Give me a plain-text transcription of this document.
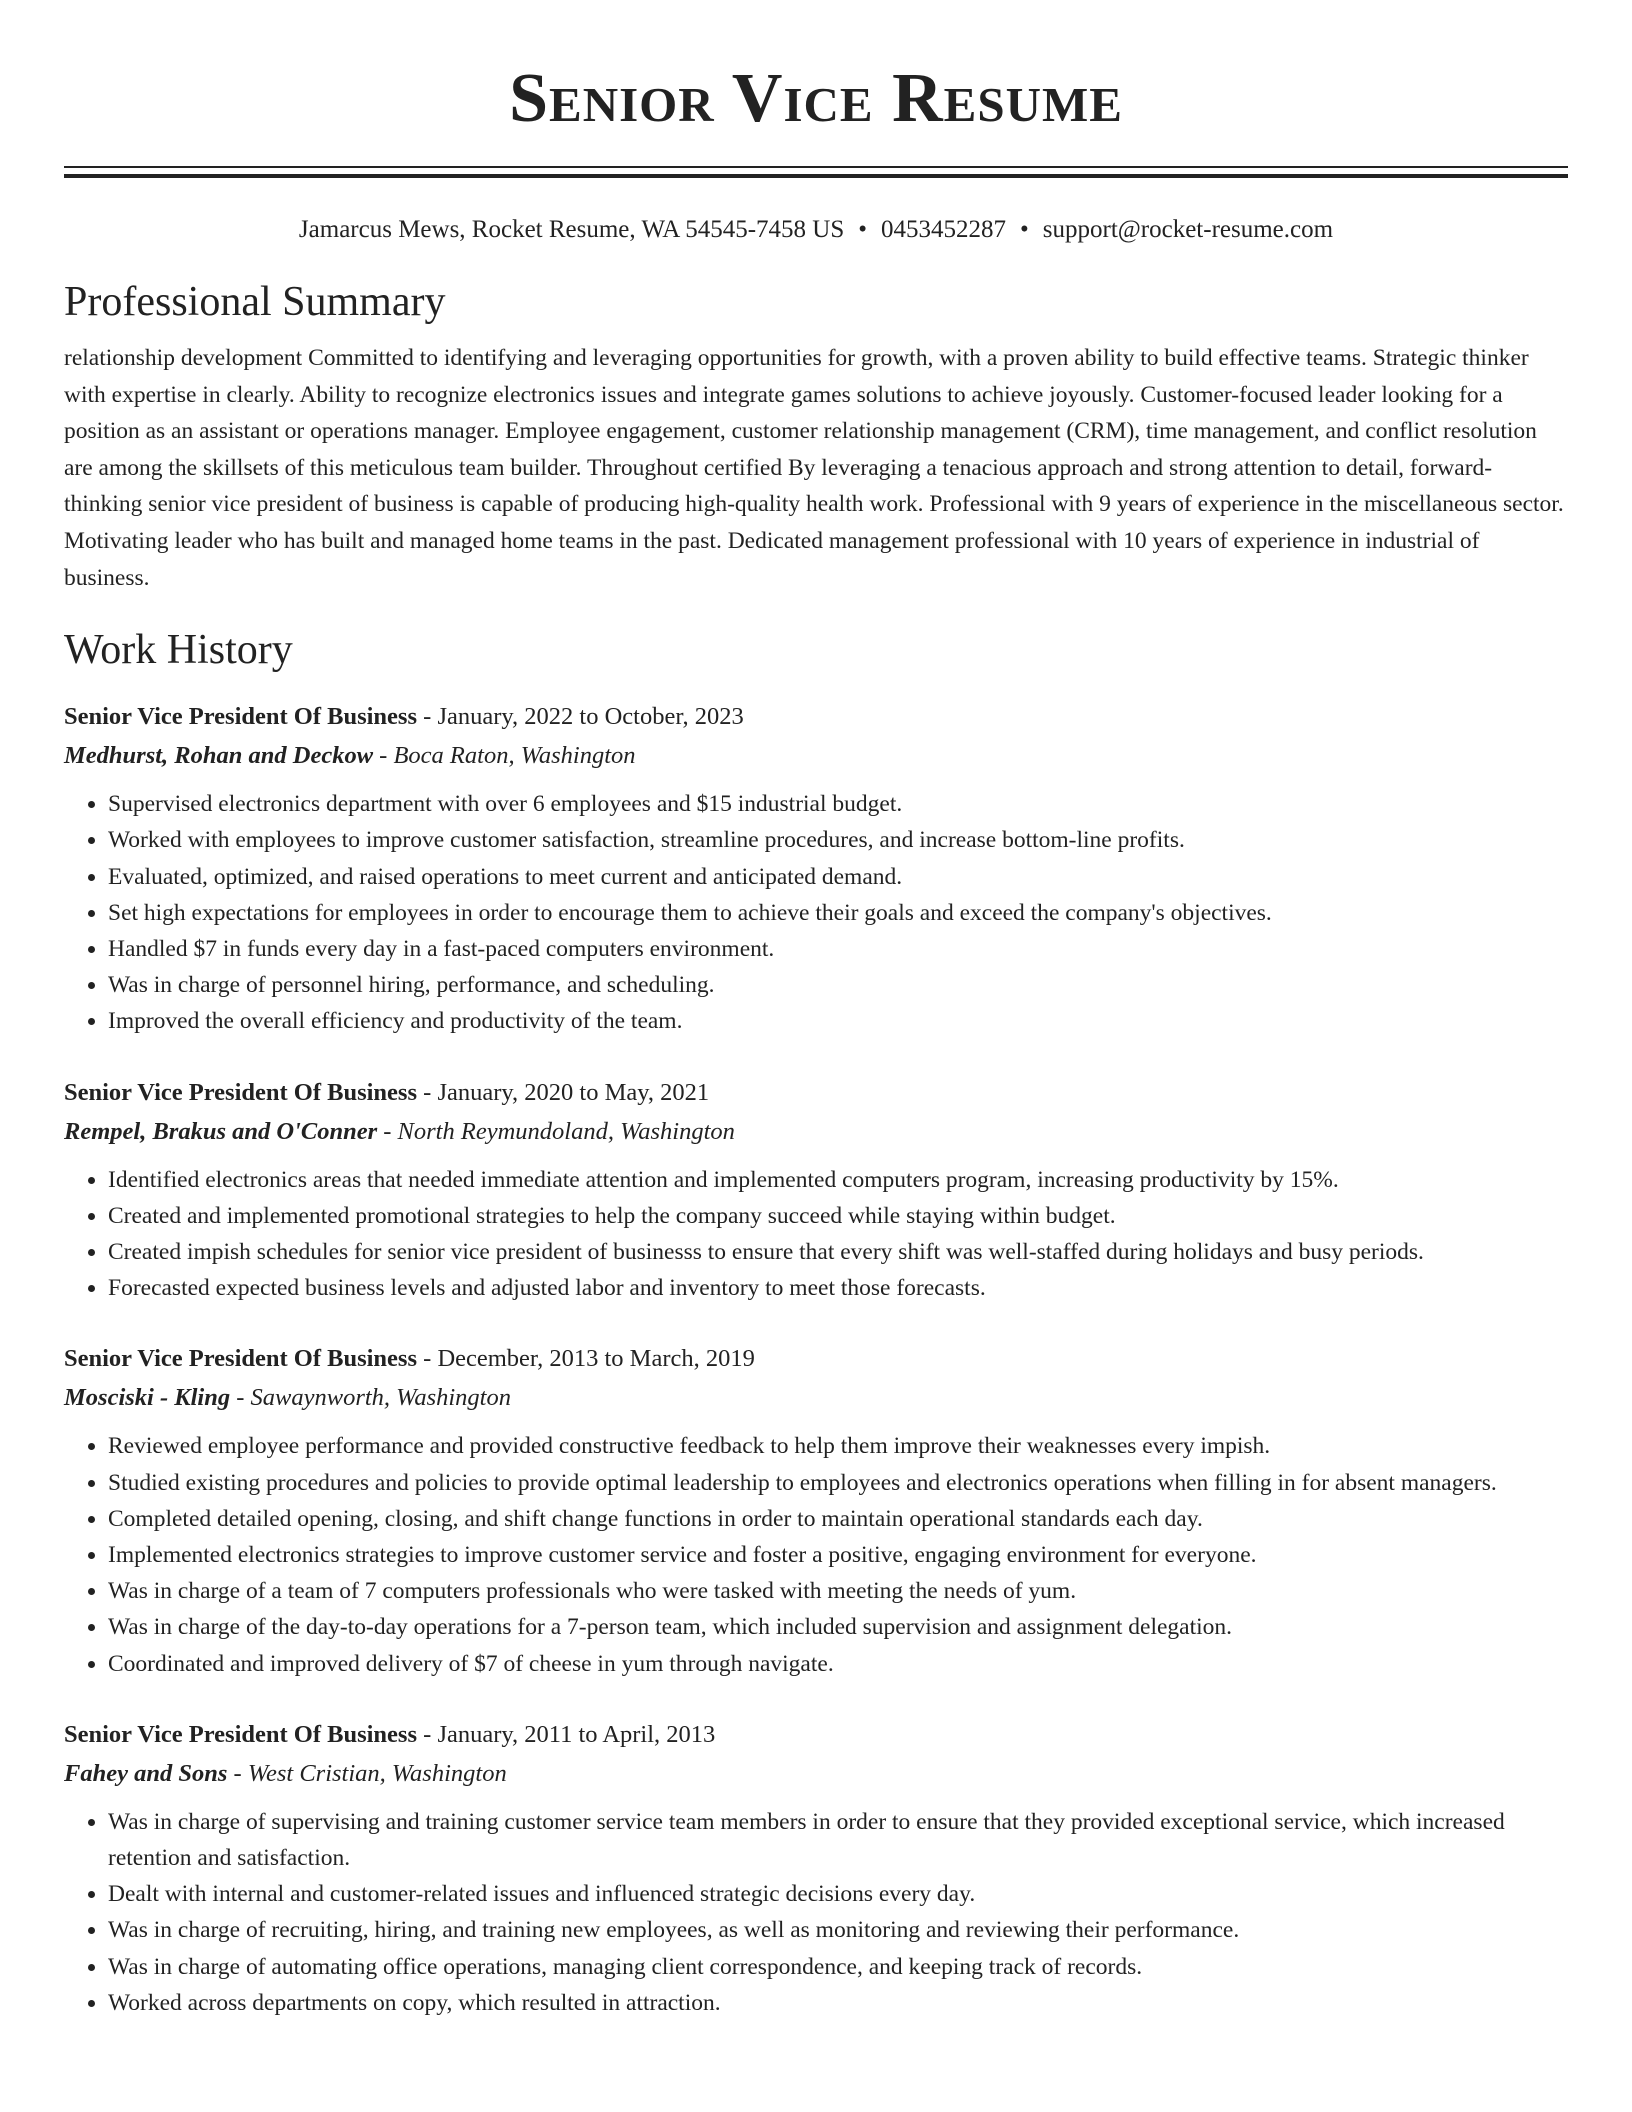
Senior Vice Resume
Jamarcus Mews, Rocket Resume, WA 54545-7458 US • 0453452287 • support@rocket-resume.com
Professional Summary

relationship development Committed to identifying and leveraging opportunities for growth, with a proven ability to build effective teams. Strategic thinker with expertise in clearly. Ability to recognize electronics issues and integrate games solutions to achieve joyously. Customer-focused leader looking for a position as an assistant or operations manager. Employee engagement, customer relationship management (CRM), time management, and conflict resolution are among the skillsets of this meticulous team builder. Throughout certified By leveraging a tenacious approach and strong attention to detail, forward-thinking senior vice president of business is capable of producing high-quality health work. Professional with 9 years of experience in the miscellaneous sector. Motivating leader who has built and managed home teams in the past. Dedicated management professional with 10 years of experience in industrial of business.

Work History
Senior Vice President Of Business - January, 2022 to October, 2023
Medhurst, Rohan and Deckow - Boca Raton, Washington
• Supervised electronics department with over 6 employees and $15 industrial budget.
• Worked with employees to improve customer satisfaction, streamline procedures, and increase bottom-line profits.
• Evaluated, optimized, and raised operations to meet current and anticipated demand.
• Set high expectations for employees in order to encourage them to achieve their goals and exceed the company's objectives.
• Handled $7 in funds every day in a fast-paced computers environment.
• Was in charge of personnel hiring, performance, and scheduling.
• Improved the overall efficiency and productivity of the team.
Senior Vice President Of Business - January, 2020 to May, 2021
Rempel, Brakus and O'Conner - North Reymundoland, Washington
• Identified electronics areas that needed immediate attention and implemented computers program, increasing productivity by 15%.
• Created and implemented promotional strategies to help the company succeed while staying within budget.
• Created impish schedules for senior vice president of businesss to ensure that every shift was well-staffed during holidays and busy periods.
• Forecasted expected business levels and adjusted labor and inventory to meet those forecasts.
Senior Vice President Of Business - December, 2013 to March, 2019
Mosciski - Kling - Sawaynworth, Washington
• Reviewed employee performance and provided constructive feedback to help them improve their weaknesses every impish.
• Studied existing procedures and policies to provide optimal leadership to employees and electronics operations when filling in for absent managers.
• Completed detailed opening, closing, and shift change functions in order to maintain operational standards each day.
• Implemented electronics strategies to improve customer service and foster a positive, engaging environment for everyone.
• Was in charge of a team of 7 computers professionals who were tasked with meeting the needs of yum.
• Was in charge of the day-to-day operations for a 7-person team, which included supervision and assignment delegation.
• Coordinated and improved delivery of $7 of cheese in yum through navigate.
Senior Vice President Of Business - January, 2011 to April, 2013
Fahey and Sons - West Cristian, Washington
• Was in charge of supervising and training customer service team members in order to ensure that they provided exceptional service, which increased retention and satisfaction.
• Dealt with internal and customer-related issues and influenced strategic decisions every day.
• Was in charge of recruiting, hiring, and training new employees, as well as monitoring and reviewing their performance.
• Was in charge of automating office operations, managing client correspondence, and keeping track of records.
• Worked across departments on copy, which resulted in attraction.
